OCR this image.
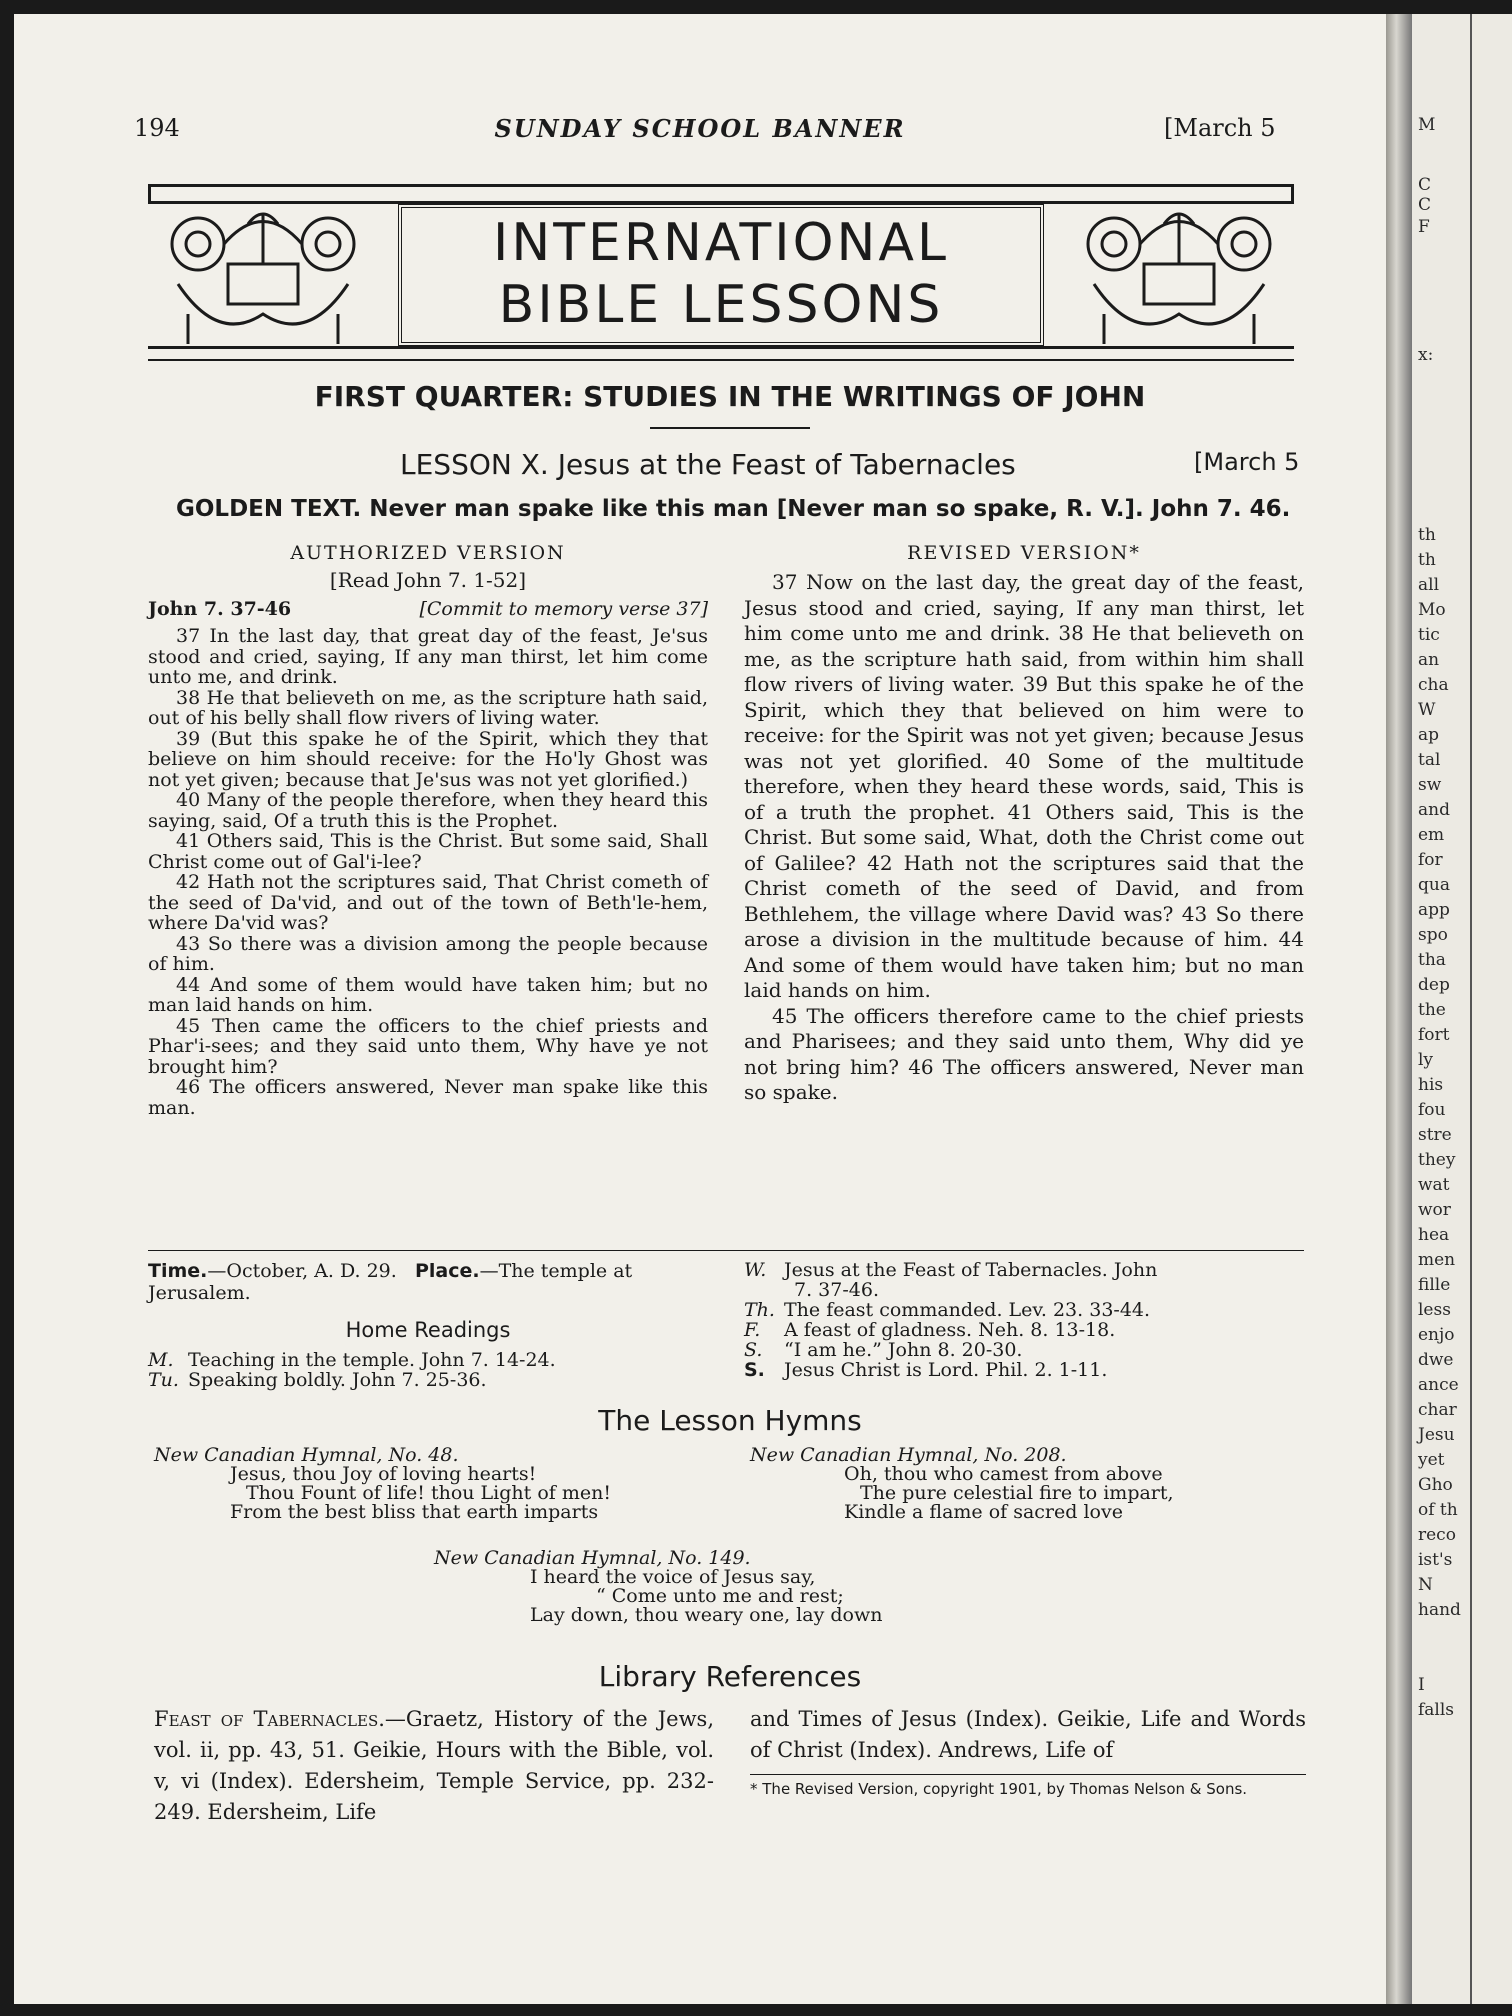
194	SUNDAY SCHOOL BANNER	[March 5
INTERNATIONAL
BIBLE LESSONS
FIRST QUARTER: STUDIES IN THE WRITINGS OF JOHN
LESSON X. Jesus at the Feast of Tabernacles	[March 5
GOLDEN TEXT. Never man spake like this man [Never man so spake, R. V.]. John 7. 46.
AUTHORIZED VERSION
[Read John 7. 1-52]
John 7. 37-46	[Commit to memory verse 37]

37 In the last day, that great day of the feast, Je'sus stood and cried, saying, If any man thirst, let him come unto me, and drink.

38 He that believeth on me, as the scripture hath said, out of his belly shall flow rivers of living water.

39 (But this spake he of the Spirit, which they that believe on him should receive: for the Ho'ly Ghost was not yet given; because that Je'sus was not yet glorified.)

40 Many of the people therefore, when they heard this saying, said, Of a truth this is the Prophet.

41 Others said, This is the Christ. But some said, Shall Christ come out of Gal'i-lee?

42 Hath not the scriptures said, That Christ cometh of the seed of Da'vid, and out of the town of Beth'le-hem, where Da'vid was?

43 So there was a division among the people because of him.

44 And some of them would have taken him; but no man laid hands on him.

45 Then came the officers to the chief priests and Phar'i-sees; and they said unto them, Why have ye not brought him?

46 The officers answered, Never man spake like this man.

REVISED VERSION*

37 Now on the last day, the great day of the feast, Jesus stood and cried, saying, If any man thirst, let him come unto me and drink. 38 He that believeth on me, as the scripture hath said, from within him shall flow rivers of living water. 39 But this spake he of the Spirit, which they that believed on him were to receive: for the Spirit was not yet given; because Jesus was not yet glorified. 40 Some of the multitude therefore, when they heard these words, said, This is of a truth the prophet. 41 Others said, This is the Christ. But some said, What, doth the Christ come out of Galilee? 42 Hath not the scriptures said that the Christ cometh of the seed of David, and from Bethlehem, the village where David was? 43 So there arose a division in the multitude because of him. 44 And some of them would have taken him; but no man laid hands on him.

45 The officers therefore came to the chief priests and Pharisees; and they said unto them, Why did ye not bring him? 46 The officers answered, Never man so spake.

Time.—October, A. D. 29. Place.—The temple at Jerusalem.
Home Readings
M. Teaching in the temple. John 7. 14-24.
Tu. Speaking boldly. John 7. 25-36.
W. Jesus at the Feast of Tabernacles. John
7. 37-46.
Th. The feast commanded. Lev. 23. 33-44.
F. A feast of gladness. Neh. 8. 13-18.
S. “I am he.” John 8. 20-30.
S. Jesus Christ is Lord. Phil. 2. 1-11.
The Lesson Hymns
New Canadian Hymnal, No. 48.
Jesus, thou Joy of loving hearts!
Thou Fount of life! thou Light of men!
From the best bliss that earth imparts
New Canadian Hymnal, No. 208.
Oh, thou who camest from above
The pure celestial fire to impart,
Kindle a flame of sacred love
New Canadian Hymnal, No. 149.
I heard the voice of Jesus say,
“ Come unto me and rest;
Lay down, thou weary one, lay down
Library References
Feast of Tabernacles.—Graetz, History of the Jews, vol. ii, pp. 43, 51. Geikie, Hours with the Bible, vol. v, vi (Index). Edersheim, Temple Service, pp. 232-249. Edersheim, Life
and Times of Jesus (Index). Geikie, Life and Words of Christ (Index). Andrews, Life of
* The Revised Version, copyright 1901, by Thomas Nelson & Sons.
M
C
C
F
x:
th
th
all
Mo
tic
an
cha
W
ap
tal
sw
and
em
for
qua
app
spo
tha
dep
the
fort
ly
his
fou
stre
they
wat
wor
hea
men
fille
less
enjo
dwe
ance
char
Jesu
yet
Gho
of th
reco
ist's
N
hand
I
falls
